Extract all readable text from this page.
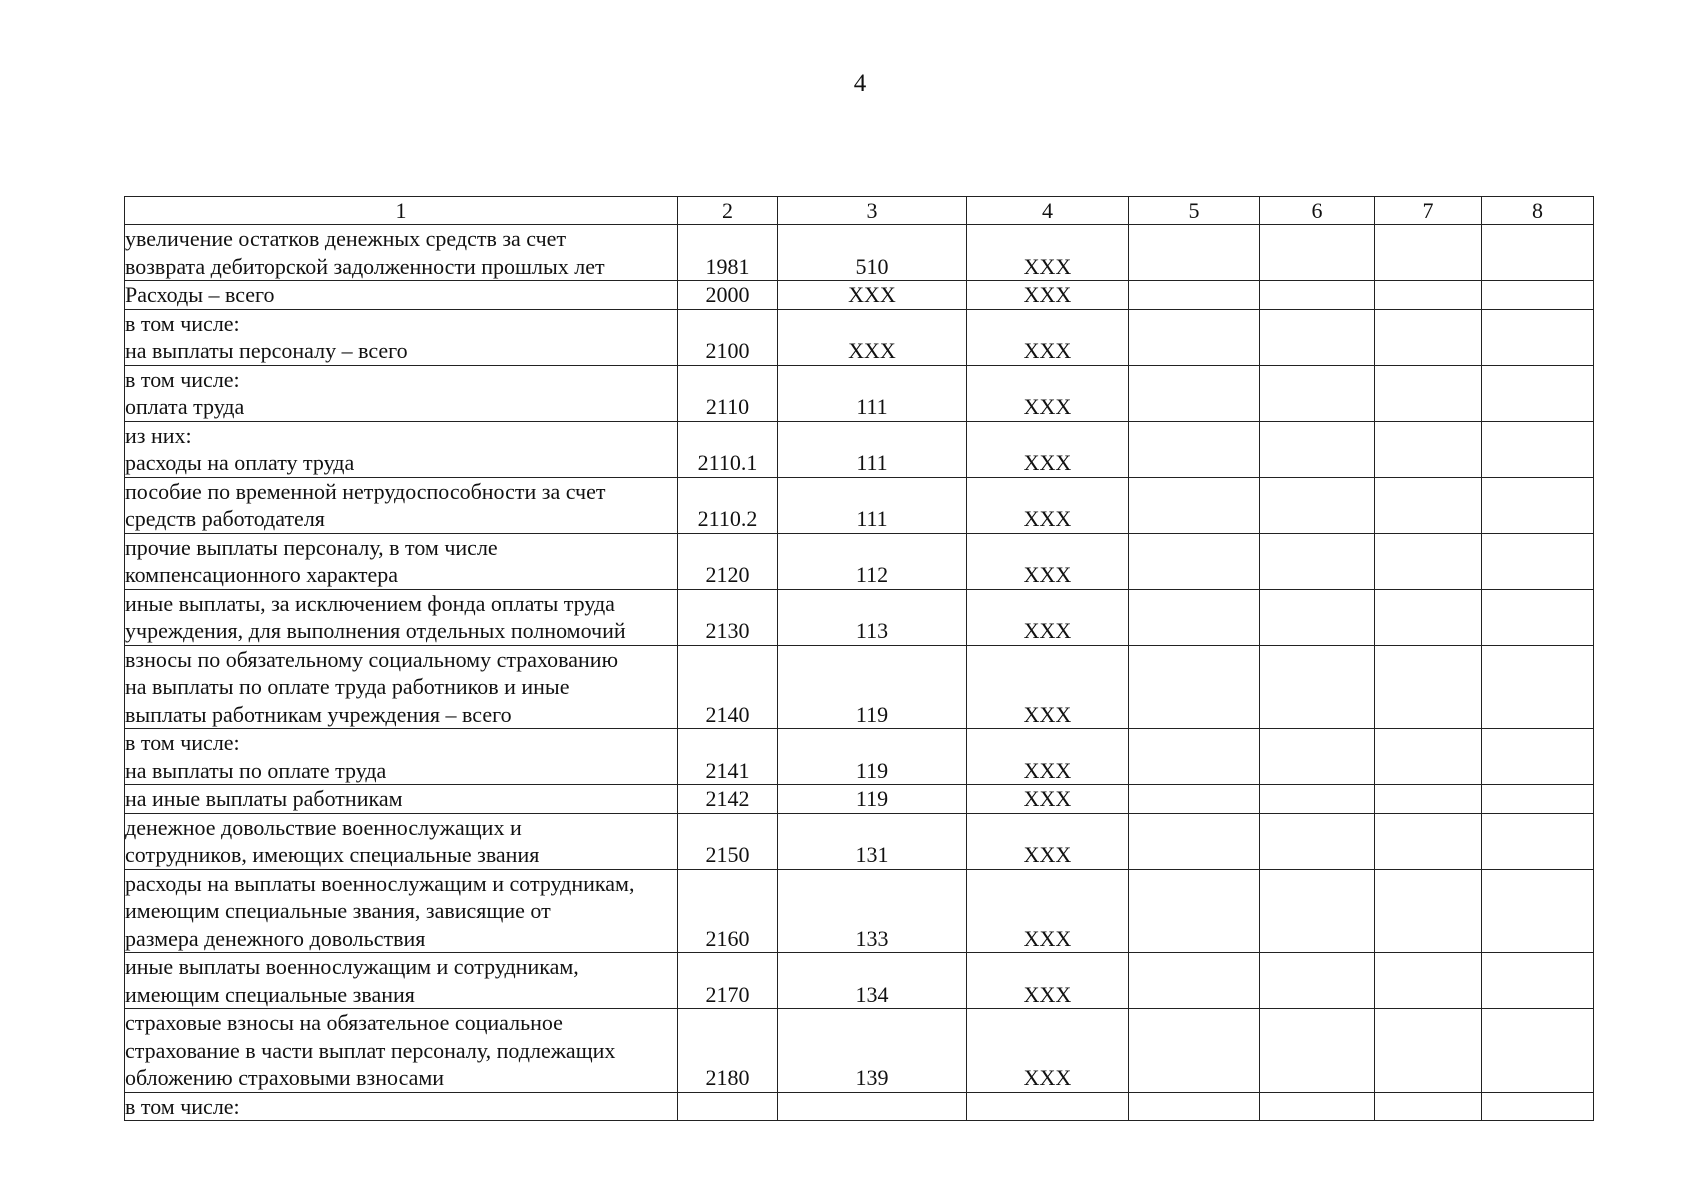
4
1	2	3	4	5	6	7	8

увеличение остатков денежных средств за счет
возврата дебиторской задолженности прошлых лет	1981	510	XXX				

Расходы – всего	2000	XXX	XXX				

в том числе:
на выплаты персоналу – всего	2100	XXX	XXX				

в том числе:
оплата труда	2110	111	XXX				

из них:
расходы на оплату труда	2110.1	111	XXX				

пособие по временной нетрудоспособности за счет
средств работодателя	2110.2	111	XXX				

прочие выплаты персоналу, в том числе
компенсационного характера	2120	112	XXX				

иные выплаты, за исключением фонда оплаты труда
учреждения, для выполнения отдельных полномочий	2130	113	XXX				

взносы по обязательному социальному страхованию
на выплаты по оплате труда работников и иные
выплаты работникам учреждения – всего	2140	119	XXX				

в том числе:
на выплаты по оплате труда	2141	119	XXX				

на иные выплаты работникам	2142	119	XXX				

денежное довольствие военнослужащих и
сотрудников, имеющих специальные звания	2150	131	XXX				

расходы на выплаты военнослужащим и сотрудникам,
имеющим специальные звания, зависящие от
размера денежного довольствия	2160	133	XXX				

иные выплаты военнослужащим и сотрудникам,
имеющим специальные звания	2170	134	XXX				

страховые взносы на обязательное социальное
страхование в части выплат персоналу, подлежащих
обложению страховыми взносами	2180	139	XXX				

в том числе:							
